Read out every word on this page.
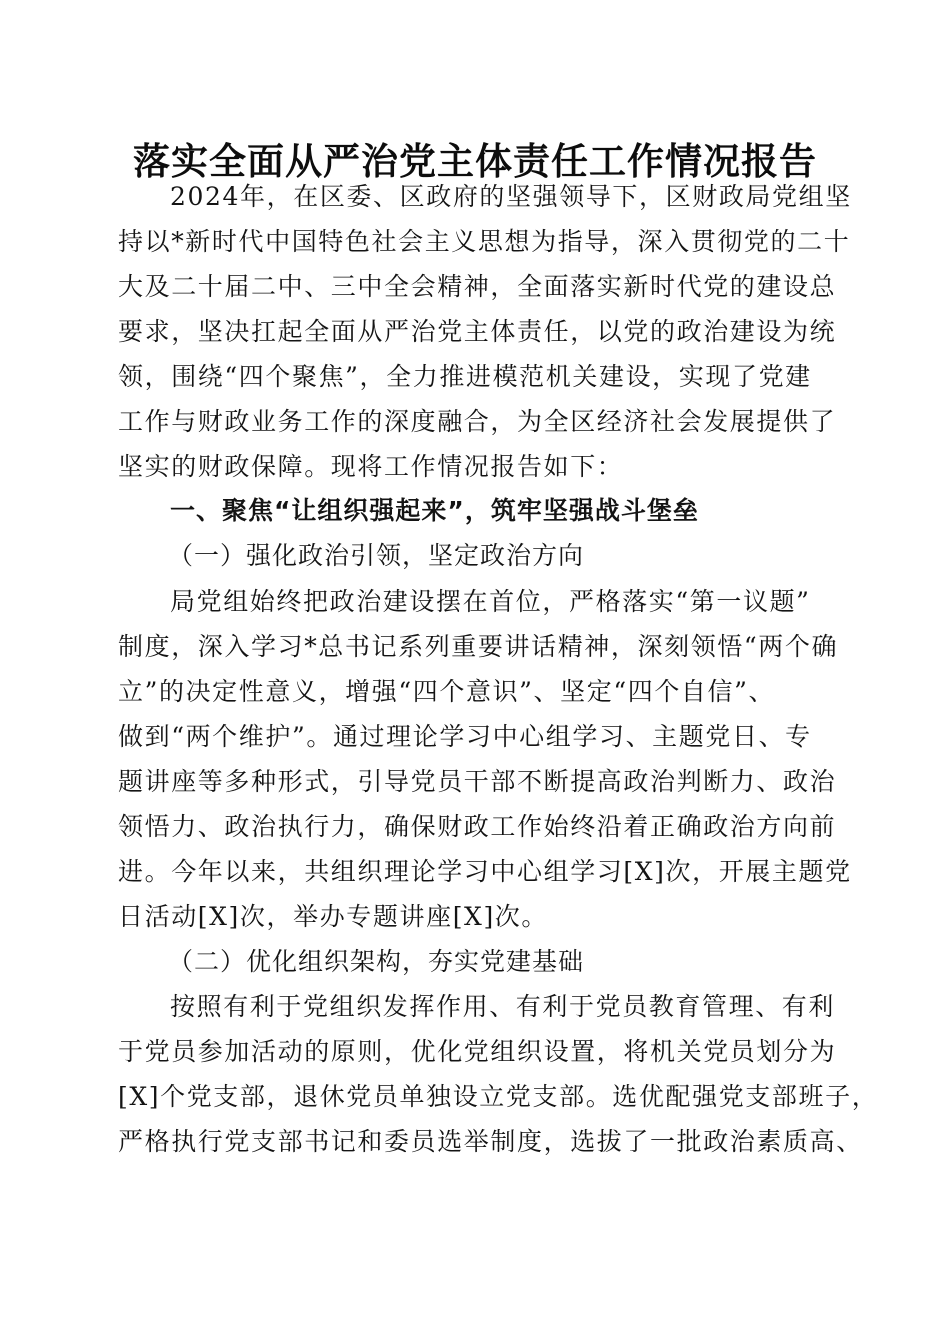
落实全面从严治党主体责任工作情况报告
2024年，在区委、区政府的坚强领导下，区财政局党组坚
持以*新时代中国特色社会主义思想为指导，深入贯彻党的二十
大及二十届二中、三中全会精神，全面落实新时代党的建设总
要求，坚决扛起全面从严治党主体责任，以党的政治建设为统
领，围绕“四个聚焦”，全力推进模范机关建设，实现了党建
工作与财政业务工作的深度融合，为全区经济社会发展提供了
坚实的财政保障。现将工作情况报告如下：
一、聚焦“让组织强起来”，筑牢坚强战斗堡垒
（一）强化政治引领，坚定政治方向
局党组始终把政治建设摆在首位，严格落实“第一议题”
制度，深入学习*总书记系列重要讲话精神，深刻领悟“两个确
立”的决定性意义，增强“四个意识”、坚定“四个自信”、
做到“两个维护”。通过理论学习中心组学习、主题党日、专
题讲座等多种形式，引导党员干部不断提高政治判断力、政治
领悟力、政治执行力，确保财政工作始终沿着正确政治方向前
进。今年以来，共组织理论学习中心组学习[X]次，开展主题党
日活动[X]次，举办专题讲座[X]次。
（二）优化组织架构，夯实党建基础
按照有利于党组织发挥作用、有利于党员教育管理、有利
于党员参加活动的原则，优化党组织设置，将机关党员划分为
[X]个党支部，退休党员单独设立党支部。选优配强党支部班子，
严格执行党支部书记和委员选举制度，选拔了一批政治素质高、
